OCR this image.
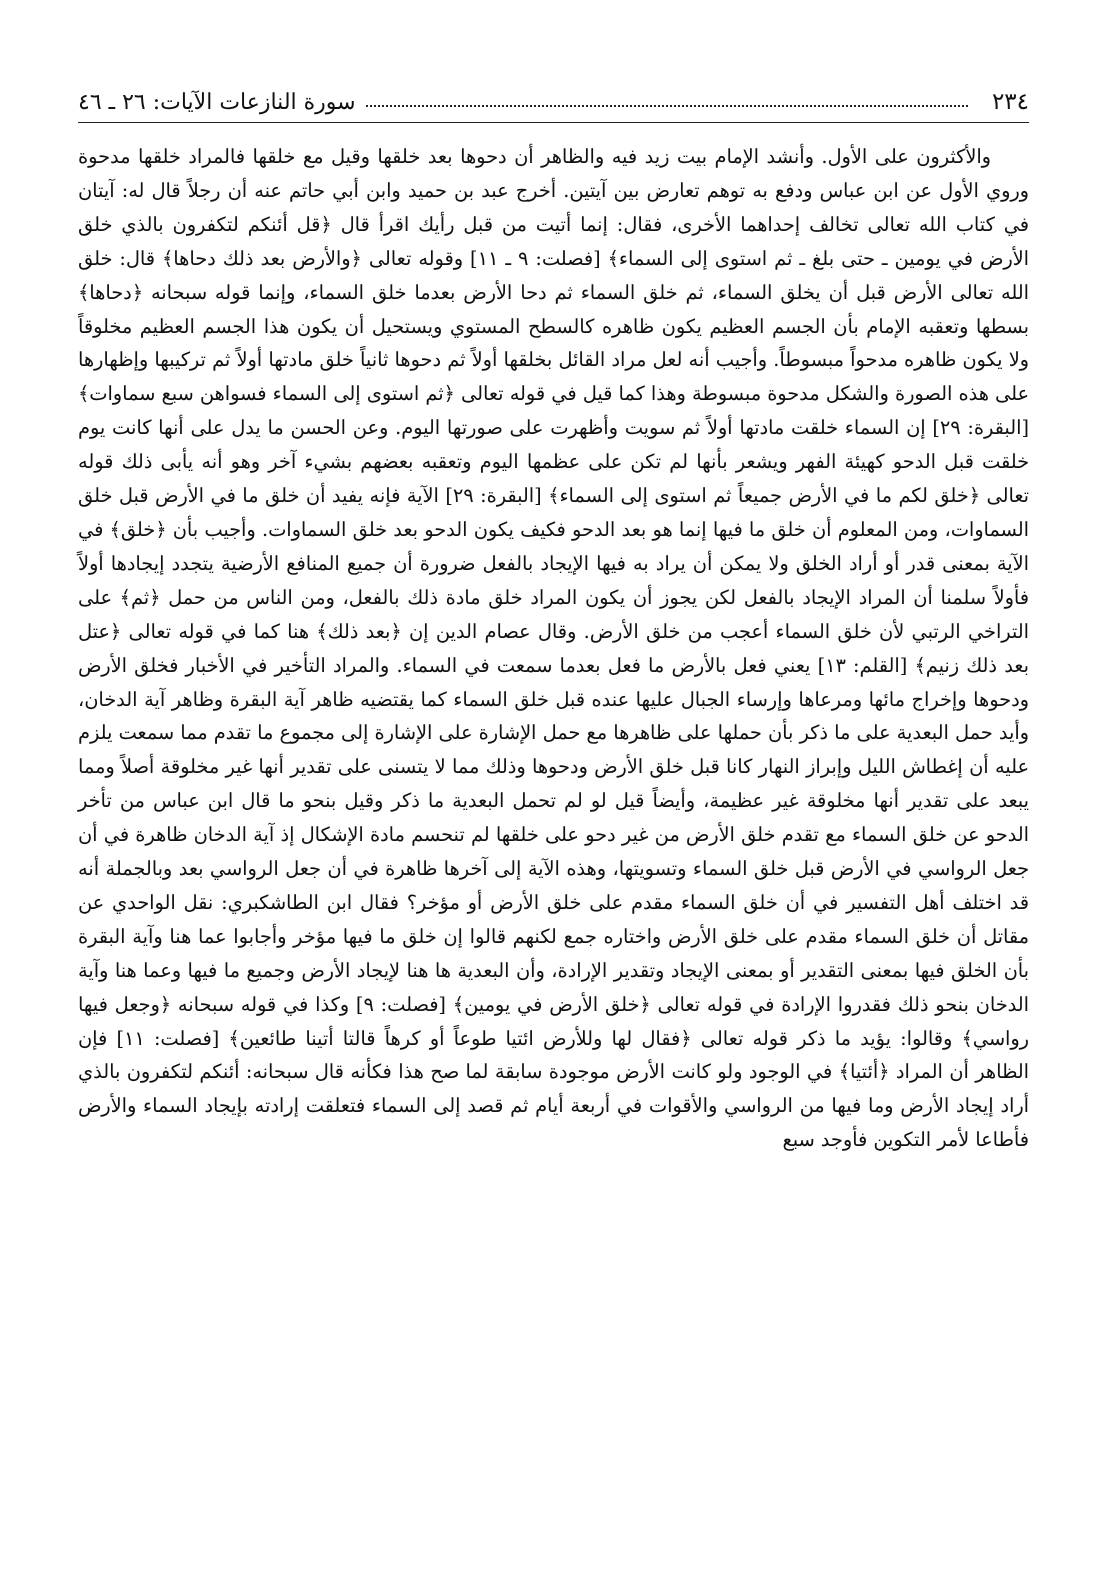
٢٣٤
سورة النازعات الآيات: ٢٦ ـ ٤٦

والأكثرون على الأول. وأنشد الإمام بيت زيد فيه والظاهر أن دحوها بعد خلقها وقيل مع خلقها فالمراد خلقها مدحوة وروي الأول عن ابن عباس ودفع به توهم تعارض بين آيتين. أخرج عبد بن حميد وابن أبي حاتم عنه أن رجلاً قال له: آيتان في كتاب الله تعالى تخالف إحداهما الأخرى، فقال: إنما أتيت من قبل رأيك اقرأ قال ﴿قل أئنكم لتكفرون بالذي خلق الأرض في يومين ـ حتى بلغ ـ ثم استوى إلى السماء﴾ [فصلت: ٩ ـ ١١] وقوله تعالى ﴿والأرض بعد ذلك دحاها﴾ قال: خلق الله تعالى الأرض قبل أن يخلق السماء، ثم خلق السماء ثم دحا الأرض بعدما خلق السماء، وإنما قوله سبحانه ﴿دحاها﴾ بسطها وتعقبه الإمام بأن الجسم العظيم يكون ظاهره كالسطح المستوي ويستحيل أن يكون هذا الجسم العظيم مخلوقاً ولا يكون ظاهره مدحواً مبسوطاً. وأجيب أنه لعل مراد القائل بخلقها أولاً ثم دحوها ثانياً خلق مادتها أولاً ثم تركيبها وإظهارها على هذه الصورة والشكل مدحوة مبسوطة وهذا كما قيل في قوله تعالى ﴿ثم استوى إلى السماء فسواهن سبع سماوات﴾ [البقرة: ٢٩] إن السماء خلقت مادتها أولاً ثم سويت وأظهرت على صورتها اليوم. وعن الحسن ما يدل على أنها كانت يوم خلقت قبل الدحو كهيئة الفهر ويشعر بأنها لم تكن على عظمها اليوم وتعقبه بعضهم بشيء آخر وهو أنه يأبى ذلك قوله تعالى ﴿خلق لكم ما في الأرض جميعاً ثم استوى إلى السماء﴾ [البقرة: ٢٩] الآية فإنه يفيد أن خلق ما في الأرض قبل خلق السماوات، ومن المعلوم أن خلق ما فيها إنما هو بعد الدحو فكيف يكون الدحو بعد خلق السماوات. وأجيب بأن ﴿خلق﴾ في الآية بمعنى قدر أو أراد الخلق ولا يمكن أن يراد به فيها الإيجاد بالفعل ضرورة أن جميع المنافع الأرضية يتجدد إيجادها أولاً فأولاً سلمنا أن المراد الإيجاد بالفعل لكن يجوز أن يكون المراد خلق مادة ذلك بالفعل، ومن الناس من حمل ﴿ثم﴾ على التراخي الرتبي لأن خلق السماء أعجب من خلق الأرض. وقال عصام الدين إن ﴿بعد ذلك﴾ هنا كما في قوله تعالى ﴿عتل بعد ذلك زنيم﴾ [القلم: ١٣] يعني فعل بالأرض ما فعل بعدما سمعت في السماء. والمراد التأخير في الأخبار فخلق الأرض ودحوها وإخراج مائها ومرعاها وإرساء الجبال عليها عنده قبل خلق السماء كما يقتضيه ظاهر آية البقرة وظاهر آية الدخان، وأيد حمل البعدية على ما ذكر بأن حملها على ظاهرها مع حمل الإشارة على الإشارة إلى مجموع ما تقدم مما سمعت يلزم عليه أن إغطاش الليل وإبراز النهار كانا قبل خلق الأرض ودحوها وذلك مما لا يتسنى على تقدير أنها غير مخلوقة أصلاً ومما يبعد على تقدير أنها مخلوقة غير عظيمة، وأيضاً قيل لو لم تحمل البعدية ما ذكر وقيل بنحو ما قال ابن عباس من تأخر الدحو عن خلق السماء مع تقدم خلق الأرض من غير دحو على خلقها لم تنحسم مادة الإشكال إذ آية الدخان ظاهرة في أن جعل الرواسي في الأرض قبل خلق السماء وتسويتها، وهذه الآية إلى آخرها ظاهرة في أن جعل الرواسي بعد وبالجملة أنه قد اختلف أهل التفسير في أن خلق السماء مقدم على خلق الأرض أو مؤخر؟ فقال ابن الطاشكبري: نقل الواحدي عن مقاتل أن خلق السماء مقدم على خلق الأرض واختاره جمع لكنهم قالوا إن خلق ما فيها مؤخر وأجابوا عما هنا وآية البقرة بأن الخلق فيها بمعنى التقدير أو بمعنى الإيجاد وتقدير الإرادة، وأن البعدية ها هنا لإيجاد الأرض وجميع ما فيها وعما هنا وآية الدخان بنحو ذلك فقدروا الإرادة في قوله تعالى ﴿خلق الأرض في يومين﴾ [فصلت: ٩] وكذا في قوله سبحانه ﴿وجعل فيها رواسي﴾ وقالوا: يؤيد ما ذكر قوله تعالى ﴿فقال لها وللأرض ائتيا طوعاً أو كرهاً قالتا أتينا طائعين﴾ [فصلت: ١١] فإن الظاهر أن المراد ﴿أئتيا﴾ في الوجود ولو كانت الأرض موجودة سابقة لما صح هذا فكأنه قال سبحانه: أئنكم لتكفرون بالذي أراد إيجاد الأرض وما فيها من الرواسي والأقوات في أربعة أيام ثم قصد إلى السماء فتعلقت إرادته بإيجاد السماء والأرض فأطاعا لأمر التكوين فأوجد سبع
